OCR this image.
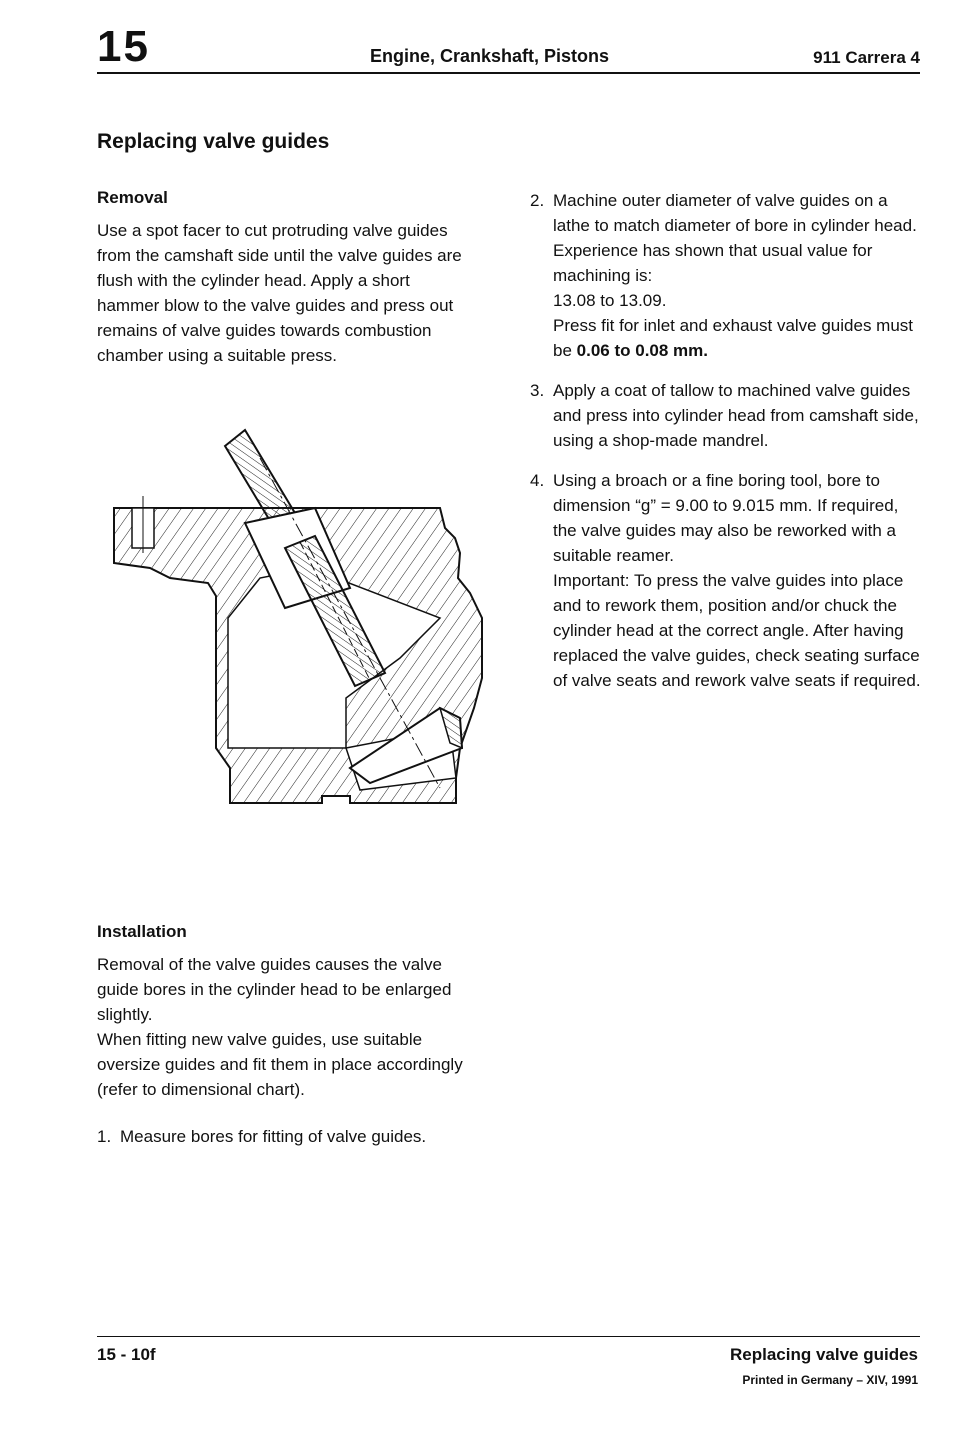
15	Engine, Crankshaft, Pistons	911 Carrera 4
Replacing valve guides

Removal

Use a spot facer to cut protruding valve guides from the camshaft side until the valve guides are flush with the cylinder head. Apply a short hammer blow to the valve guides and press out remains of valve guides towards combustion chamber using a suitable press.

Installation

Removal of the valve guides causes the valve guide bores in the cylinder head to be enlarged slightly.

When fitting new valve guides, use suitable oversize guides and fit them in place accordingly (refer to dimensional chart).

1. Measure bores for fitting of valve guides.
2. Machine outer diameter of valve guides on a lathe to match diameter of bore in cylinder head. Experience has shown that usual value for machining is:
13.08 to 13.09.
Press fit for inlet and exhaust valve guides must be 0.06 to 0.08 mm.
3. Apply a coat of tallow to machined valve guides and press into cylinder head from camshaft side, using a shop-made mandrel.
4. Using a broach or a fine boring tool, bore to dimension “g” = 9.00 to 9.015 mm. If required, the valve guides may also be reworked with a suitable reamer.
Important: To press the valve guides into place and to rework them, position and/or chuck the cylinder head at the correct angle. After having replaced the valve guides, check seating surface of valve seats and rework valve seats if required.
15 - 10f	Replacing valve guides
Printed in Germany – XIV, 1991
